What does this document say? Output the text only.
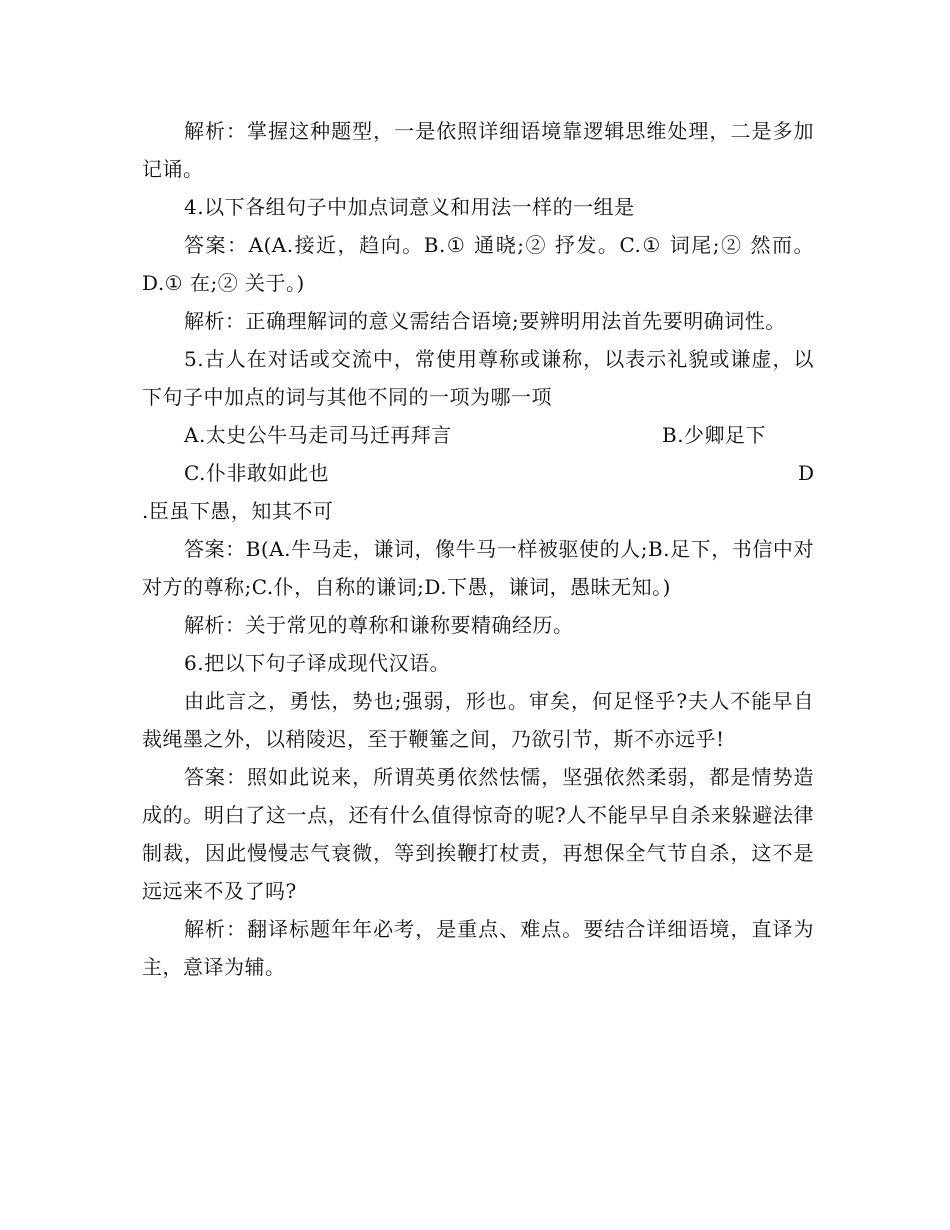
解析：掌握这种题型，一是依照详细语境靠逻辑思维处理，二是多加记诵。

4.以下各组句子中加点词意义和用法一样的一组是

答案：A(A.接近，趋向。B.① 通晓;② 抒发。C.① 词尾;② 然而。D.① 在;② 关于。)

解析：正确理解词的意义需结合语境;要辨明用法首先要明确词性。

5.古人在对话或交流中，常使用尊称或谦称，以表示礼貌或谦虚，以下句子中加点的词与其他不同的一项为哪一项

A.太史公牛马走司马迁再拜言	B.少卿足下
C.仆非敢如此也	D

.臣虽下愚，知其不可

答案：B(A.牛马走，谦词，像牛马一样被驱使的人;B.足下，书信中对对方的尊称;C.仆，自称的谦词;D.下愚，谦词，愚昧无知。)

解析：关于常见的尊称和谦称要精确经历。

6.把以下句子译成现代汉语。

由此言之，勇怯，势也;强弱，形也。审矣，何足怪乎?夫人不能早自裁绳墨之外，以稍陵迟，至于鞭箠之间，乃欲引节，斯不亦远乎!

答案：照如此说来，所谓英勇依然怯懦，坚强依然柔弱，都是情势造成的。明白了这一点，还有什么值得惊奇的呢?人不能早早自杀来躲避法律制裁，因此慢慢志气衰微，等到挨鞭打杖责，再想保全气节自杀，这不是远远来不及了吗?

解析：翻译标题年年必考，是重点、难点。要结合详细语境，直译为主，意译为辅。
